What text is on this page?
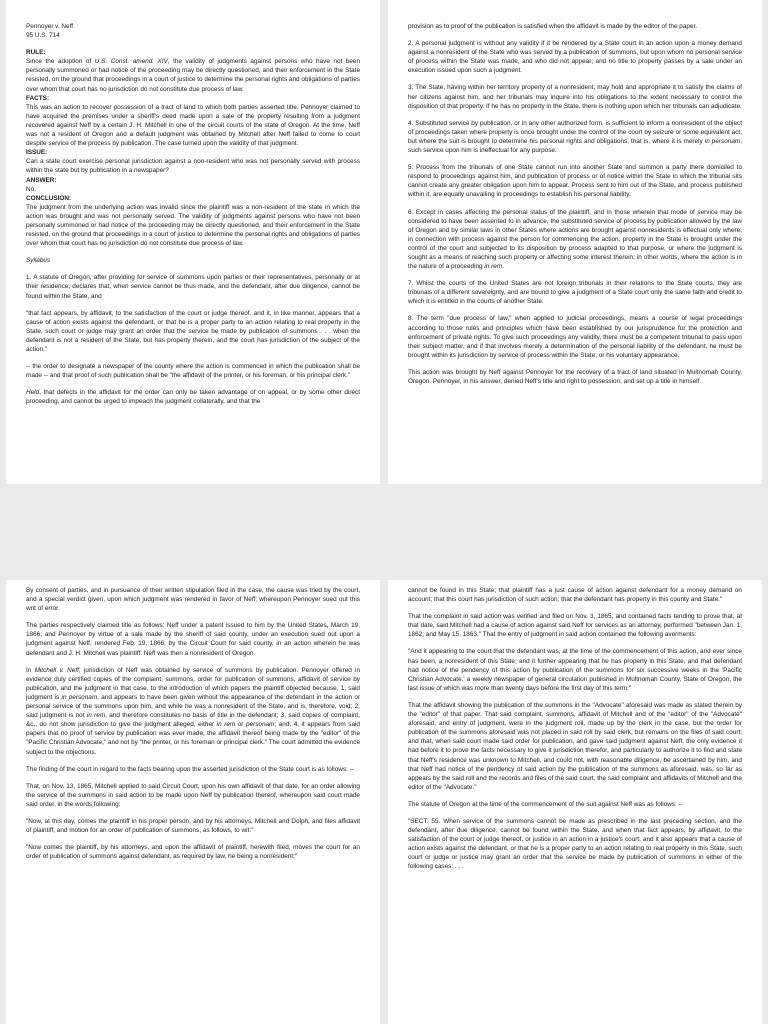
Pennoyer v. Neff

95 U.S. 714

RULE:

Since the adoption of U.S. Const. amend. XIV, the validity of judgments against persons who have not been personally summoned or had notice of the proceeding may be directly questioned, and their enforcement in the State resisted, on the ground that proceedings in a court of justice to determine the personal rights and obligations of parties over whom that court has no jurisdiction do not constitute due process of law.

FACTS:

This was an action to recover possession of a tract of land to which both parties asserted title. Pennoyer claimed to have acquired the premises under a sheriff's deed made upon a sale of the property resulting from a judgment recovered against Neff by a certain J. H. Mitchell in one of the circuit courts of the state of Oregon. At the time, Neff was not a resident of Oregon and a default judgment was obtained by Mitchell after Neff failed to come to court despite service of the process by publication. The case turned upon the validity of that judgment.

ISSUE:

Can a state court exercise personal jurisdiction against a non-resident who was not personally served with process within the state but by publication in a newspaper?

ANSWER:

No.

CONCLUSION:

The judgment from the underlying action was invalid since the plaintiff was a non-resident of the state in which the action was brought and was not personally served. The validity of judgments against persons who have not been personally summoned or had notice of the proceeding may be directly questioned, and their enforcement in the State resisted, on the ground that proceedings in a court of justice to determine the personal rights and obligations of parties over whom that court has no jurisdiction do not constitute due process of law.

Syllabus

1. A statute of Oregon, after providing for service of summons upon parties or their representatives, personally or at their residence, declares that, when service cannot be thus made, and the defendant, after due diligence, cannot be found within the State, and

"that fact appears, by affidavit, to the satisfaction of the court or judge thereof, and it, in like manner, appears that a cause of action exists against the defendant, or that he is a proper party to an action relating to real property in the State, such court or judge may grant an order that the service be made by publication of summons . . . when the defendant is not a resident of the State, but has property therein, and the court has jurisdiction of the subject of the action,"

-- the order to designate a newspaper of the county where the action is commenced in which the publication shall be made -- and that proof of such publication shall be "the affidavit of the printer, or his foreman, or his principal clerk."

Held, that defects in the affidavit for the order can only be taken advantage of on appeal, or by some other direct proceeding, and cannot be urged to impeach the judgment collaterally, and that the

provision as to proof of the publication is satisfied when the affidavit is made by the editor of the paper.

2. A personal judgment is without any validity if it be rendered by a State court in an action upon a money demand against a nonresident of the State who was served by a publication of summons, but upon whom no personal service of process within the State was made, and who did not appear; and no title to property passes by a sale under an execution issued upon such a judgment.

3. The State, having within her territory property of a nonresident, may hold and appropriate it to satisfy the claims of her citizens against him, and her tribunals may inquire into his obligations to the extent necessary to control the disposition of that property. If he has no property in the State, there is nothing upon which her tribunals can adjudicate.

4. Substituted service by publication, or in any other authorized form, is sufficient to inform a nonresident of the object of proceedings taken where property is once brought under the control of the court by seizure or some equivalent act, but where the suit is brought to determine his personal rights and obligations, that is, where it is merely in personam, such service upon him is ineffectual for any purpose.

5. Process from the tribunals of one State cannot run into another State and summon a party there domiciled to respond to proceedings against him, and publication of process or of notice within the State in which the tribunal sits cannot create any greater obligation upon him to appear. Process sent to him out of the State, and process published within it, are equally unavailing in proceedings to establish his personal liability.

6. Except in cases affecting the personal status of the plaintiff, and in those wherein that mode of service may be considered to have been assented to in advance, the substituted service of process by publication allowed by the law of Oregon and by similar laws in other States where actions are brought against nonresidents is effectual only where, in connection with process against the person for commencing the action, property in the State is brought under the control of the court and subjected to its disposition by process adapted to that purpose, or where the judgment is sought as a means of reaching such property or affecting some interest therein; in other words, where the action is in the nature of a proceeding in rem.

7. Whilst the courts of the United States are not foreign tribunals in their relations to the State courts, they are tribunals of a different sovereignty, and are bound to give a judgment of a State court only the same faith and credit to which it is entitled in the courts of another State.

8. The term "due process of law," when applied to judicial proceedings, means a course of legal proceedings according to those rules and principles which have been established by our jurisprudence for the protection and enforcement of private rights. To give such proceedings any validity, there must be a competent tribunal to pass upon their subject matter, and if that involves merely a determination of the personal liability of the defendant, he must be brought within its jurisdiction by service of process within the State, or his voluntary appearance.

This action was brought by Neff against Pennoyer for the recovery of a tract of land situated in Multnomah County, Oregon. Pennoyer, in his answer, denied Neff's title and right to possession, and set up a title in himself.

By consent of parties, and in pursuance of their written stipulation filed in the case, the cause was tried by the court, and a special verdict given, upon which judgment was rendered in favor of Neff; whereupon Pennoyer sued out this writ of error.

The parties respectively claimed title as follows: Neff under a patent issued to him by the United States, March 19, 1866; and Pennoyer by virtue of a sale made by the sheriff of said county, under an execution sued out upon a judgment against Neff, rendered Feb. 19, 1866, by the Circuit Court for said county, in an action wherein he was defendant and J. H. Mitchell was plaintiff. Neff was then a nonresident of Oregon.

In Mitchell v. Neff, jurisdiction of Neff was obtained by service of summons by publication. Pennoyer offered in evidence duly certified copies of the complaint, summons, order for publication of summons, affidavit of service by publication, and the judgment in that case, to the introduction of which papers the plaintiff objected because, 1, said judgment is in personam, and appears to have been given without the appearance of the defendant in the action or personal service of the summons upon him, and while he was a nonresident of the State, and is, therefore, void; 2, said judgment is not in rem, and therefore constitutes no basis of title in the defendant; 3, said copies of complaint, &c., do not show jurisdiction to give the judgment alleged, either in rem or personam; and, 4, it appears from said papers that no proof of service by publication was ever made, the affidavit thereof being made by the "editor" of the "Pacific Christian Advocate," and not by "the printer, or his foreman or principal clerk." The court admitted the evidence subject to the objections.

The finding of the court in regard to the facts bearing upon the asserted jurisdiction of the State court is as follows: --

That, on Nov. 13, 1865, Mitchell applied to said Circuit Court, upon his own affidavit of that date, for an order allowing the service of the summons in said action to be made upon Neff by publication thereof, whereupon said court made said order, in the words following:

"Now, at this day, comes the plaintiff in his proper person, and by his attorneys, Mitchell and Dolph, and files affidavit of plaintiff, and motion for an order of publication of summons, as follows, to wit:"

"Now comes the plaintiff, by his attorneys, and upon the affidavit of plaintiff, herewith filed, moves the court for an order of publication of summons against defendant, as required by law, he being a nonresident;"

cannot be found in this State; that plaintiff has a just cause of action against defendant for a money demand on account; that this court has jurisdiction of such action; that the defendant has property in this county and State."

That the complaint in said action was verified and filed on Nov. 3, 1865, and contained facts tending to prove that, at that date, said Mitchell had a cause of action against said Neff for services as an attorney, performed "between Jan. 1, 1862, and May 15, 1863." That the entry of judgment in said action contained the following averments:

"And it appearing to the court that the defendant was, at the time of the commencement of this action, and ever since has been, a nonresident of this State; and it further appearing that he has property in this State, and that defendant had notice of the pendency of this action by publication of the summons for six successive weeks in the 'Pacific Christian Advocate,' a weekly newspaper of general circulation published in Multnomah County, State of Oregon, the last issue of which was more than twenty days before the first day of this term."

That the affidavit showing the publication of the summons in the "Advocate" aforesaid was made as stated therein by the "editor" of that paper. That said complaint, summons, affidavit of Mitchell and of the "editor" of the "Advocate" aforesaid, and entry of judgment, were in the judgment roll, made up by the clerk in the case, but the order for publication of the summons aforesaid was not placed in said roll by said clerk, but remains on the files of said court; and that, when said court made said order for publication, and gave said judgment against Neff, the only evidence it had before it to prove the facts necessary to give it jurisdiction therefor, and particularly to authorize it to find and state that Neff's residence was unknown to Mitchell, and could not, with reasonable diligence, be ascertained by him, and that Neff had notice of the pendency of said action by the publication of the summons as aforesaid, was, so far as appears by the said roll and the records and files of the said court, the said complaint and affidavits of Mitchell and the editor of the "Advocate."

The statute of Oregon at the time of the commencement of the suit against Neff was as follows: --

"SECT. 55. When service of the summons cannot be made as prescribed in the last preceding section, and the defendant, after due diligence, cannot be found within the State, and when that fact appears, by affidavit, to the satisfaction of the court or judge thereof, or justice in an action in a justice's court, and it also appears that a cause of action exists against the defendant, or that he is a proper party to an action relating to real property in this State, such court or judge or justice may grant an order that the service be made by publication of summons in either of the following cases: . . .
